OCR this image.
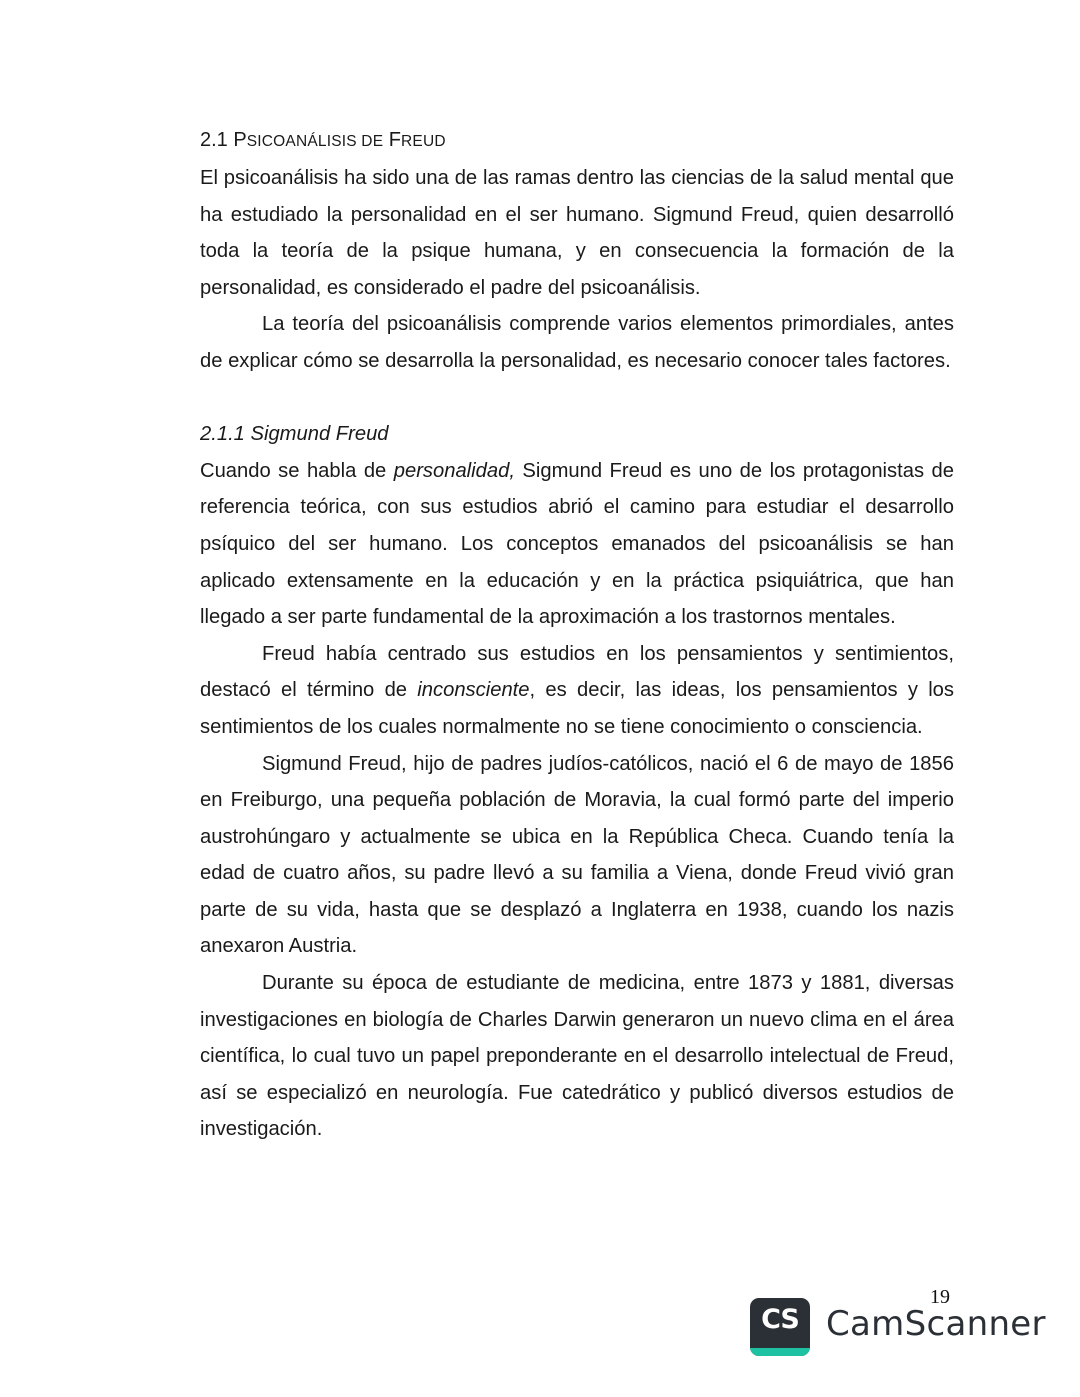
2.1 PSICOANÁLISIS DE FREUD

El psicoanálisis ha sido una de las ramas dentro las ciencias de la salud mental que ha estudiado la personalidad en el ser humano. Sigmund Freud, quien desarrolló toda la teoría de la psique humana, y en consecuencia la formación de la personalidad, es considerado el padre del psicoanálisis.

La teoría del psicoanálisis comprende varios elementos primordiales, antes de explicar cómo se desarrolla la personalidad, es necesario conocer tales factores.

2.1.1 Sigmund Freud

Cuando se habla de personalidad, Sigmund Freud es uno de los protagonistas de referencia teórica, con sus estudios abrió el camino para estudiar el desarrollo psíquico del ser humano. Los conceptos emanados del psicoanálisis se han aplicado extensamente en la educación y en la práctica psiquiátrica, que han llegado a ser parte fundamental de la aproximación a los trastornos mentales.

Freud había centrado sus estudios en los pensamientos y sentimientos, destacó el término de inconsciente, es decir, las ideas, los pensamientos y los sentimientos de los cuales normalmente no se tiene conocimiento o consciencia.

Sigmund Freud, hijo de padres judíos-católicos, nació el 6 de mayo de 1856 en Freiburgo, una pequeña población de Moravia, la cual formó parte del imperio austrohúngaro y actualmente se ubica en la República Checa. Cuando tenía la edad de cuatro años, su padre llevó a su familia a Viena, donde Freud vivió gran parte de su vida, hasta que se desplazó a Inglaterra en 1938, cuando los nazis anexaron Austria.

Durante su época de estudiante de medicina, entre 1873 y 1881, diversas investigaciones en biología de Charles Darwin generaron un nuevo clima en el área científica, lo cual tuvo un papel preponderante en el desarrollo intelectual de Freud, así se especializó en neurología. Fue catedrático y publicó diversos estudios de investigación.

19
CS CamScanner
